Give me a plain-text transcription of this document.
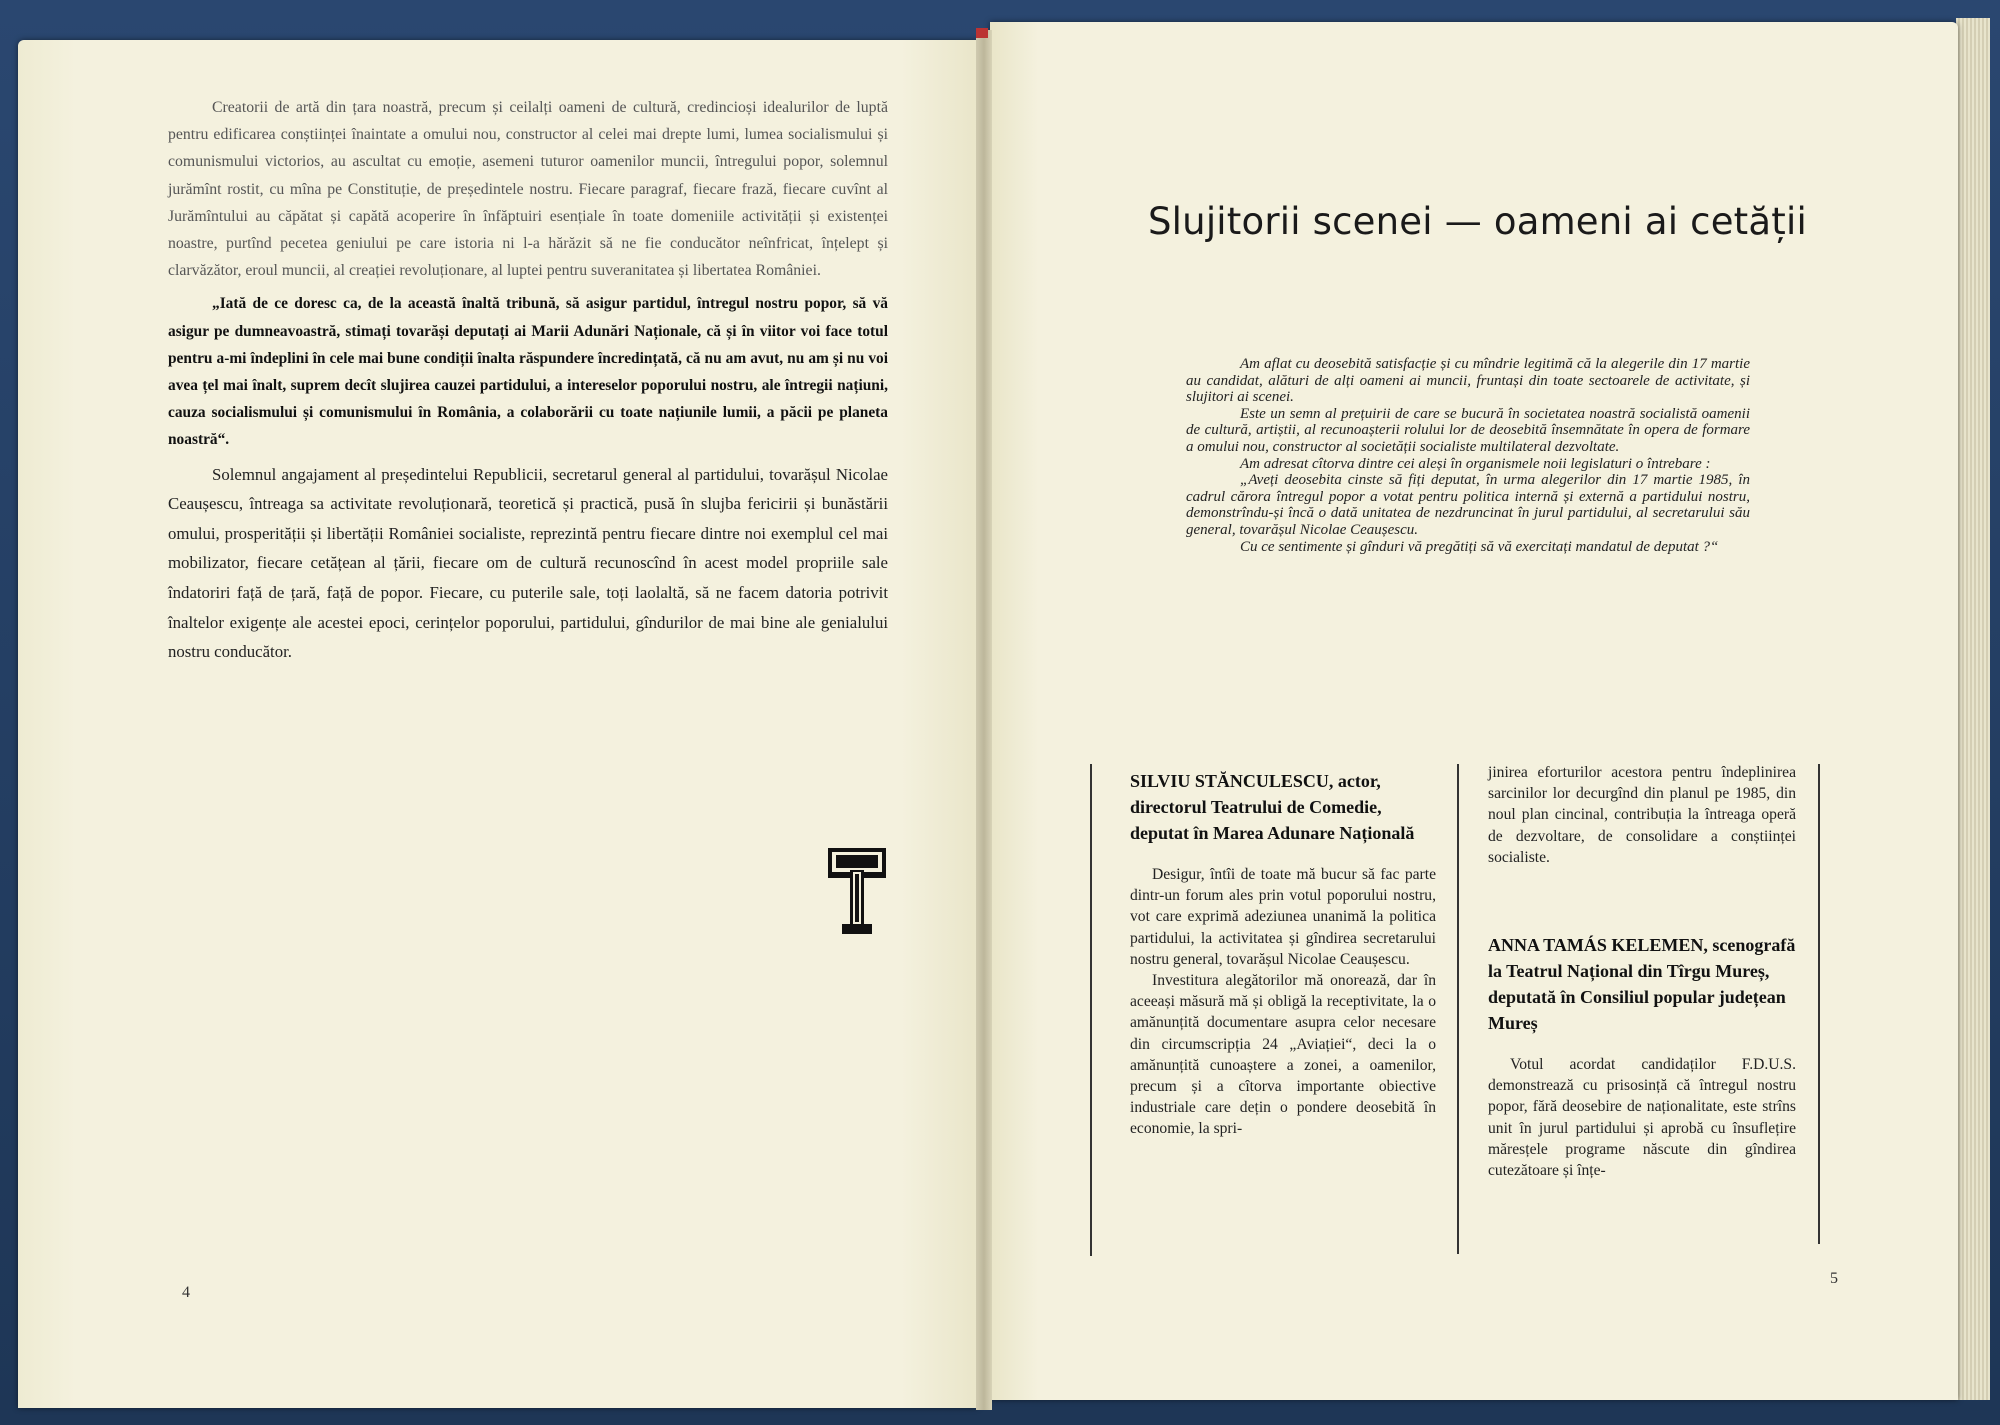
Creatorii de artă din țara noastră, precum și ceilalți oameni de cultură, credincioși idealurilor de luptă pentru edificarea conștiinței înaintate a omului nou, constructor al celei mai drepte lumi, lumea socialismului și comunismului victorios, au ascultat cu emoție, asemeni tuturor oamenilor muncii, întregului popor, solemnul jurămînt rostit, cu mîna pe Constituție, de președintele nostru. Fiecare paragraf, fiecare frază, fiecare cuvînt al Jurămîntului au căpătat și capătă acoperire în înfăptuiri esențiale în toate domeniile activității și existenței noastre, purtînd pecetea geniului pe care istoria ni l-a hărăzit să ne fie conducător neînfricat, înțelept și clarvăzător, eroul muncii, al creației revoluționare, al luptei pentru suveranitatea și libertatea României.

„Iată de ce doresc ca, de la această înaltă tribună, să asigur partidul, întregul nostru popor, să vă asigur pe dumneavoastră, stimați tovarăși deputați ai Marii Adunări Naționale, că și în viitor voi face totul pentru a-mi îndeplini în cele mai bune condiții înalta răspundere încredințată, că nu am avut, nu am și nu voi avea țel mai înalt, suprem decît slujirea cauzei partidului, a intereselor poporului nostru, ale întregii națiuni, cauza socialismului și comunismului în România, a colaborării cu toate națiunile lumii, a păcii pe planeta noastră“.

Solemnul angajament al președintelui Republicii, secretarul general al partidului, tovarășul Nicolae Ceaușescu, întreaga sa activitate revoluționară, teoretică și practică, pusă în slujba fericirii și bunăstării omului, prosperității și libertății României socialiste, reprezintă pentru fiecare dintre noi exemplul cel mai mobilizator, fiecare cetățean al țării, fiecare om de cultură recunoscînd în acest model propriile sale îndatoriri față de țară, față de popor. Fiecare, cu puterile sale, toți laolaltă, să ne facem datoria potrivit înaltelor exigențe ale acestei epoci, cerințelor poporului, partidului, gîndurilor de mai bine ale genialului nostru conducător.

4
Slujitorii scenei — oameni ai cetății

Am aflat cu deosebită satisfacție și cu mîndrie legitimă că la alegerile din 17 martie au candidat, alături de alți oameni ai muncii, fruntași din toate sectoarele de activitate, și slujitori ai scenei.

Este un semn al prețuirii de care se bucură în societatea noastră socialistă oamenii de cultură, artiștii, al recunoașterii rolului lor de deosebită însemnătate în opera de formare a omului nou, constructor al societății socialiste multilateral dezvoltate.

Am adresat cîtorva dintre cei aleși în organismele noii legislaturi o întrebare :

„Aveți deosebita cinste să fiți deputat, în urma alegerilor din 17 martie 1985, în cadrul cărora întregul popor a votat pentru politica internă și externă a partidului nostru, demonstrîndu-și încă o dată unitatea de nezdruncinat în jurul partidului, al secretarului său general, tovarășul Nicolae Ceaușescu.

Cu ce sentimente și gînduri vă pregătiți să vă exercitați mandatul de deputat ?“

SILVIU STĂNCULESCU, actor, directorul Teatrului de Comedie, deputat în Marea Adunare Națională

Desigur, întîi de toate mă bucur să fac parte dintr-un forum ales prin votul poporului nostru, vot care exprimă adeziunea unanimă la politica partidului, la activitatea și gîndirea secretarului nostru general, tovarășul Nicolae Ceaușescu.

Investitura alegătorilor mă onorează, dar în aceeași măsură mă și obligă la receptivitate, la o amănunțită documentare asupra celor necesare din circumscripția 24 „Aviației“, deci la o amănunțită cunoaștere a zonei, a oamenilor, precum și a cîtorva importante obiective industriale care dețin o pondere deosebită în economie, la spri-

jinirea eforturilor acestora pentru îndeplinirea sarcinilor lor decurgînd din planul pe 1985, din noul plan cincinal, contribuția la întreaga operă de dezvoltare, de consolidare a conștiinței socialiste.

ANNA TAMÁS KELEMEN, scenografă la Teatrul Național din Tîrgu Mureș, deputată în Consiliul popular județean Mureș

Votul acordat candidaților F.D.U.S. demonstrează cu prisosință că întregul nostru popor, fără deosebire de naționalitate, este strîns unit în jurul partidului și aprobă cu însuflețire măresțele programe născute din gîndirea cutezătoare și înțe-

5
